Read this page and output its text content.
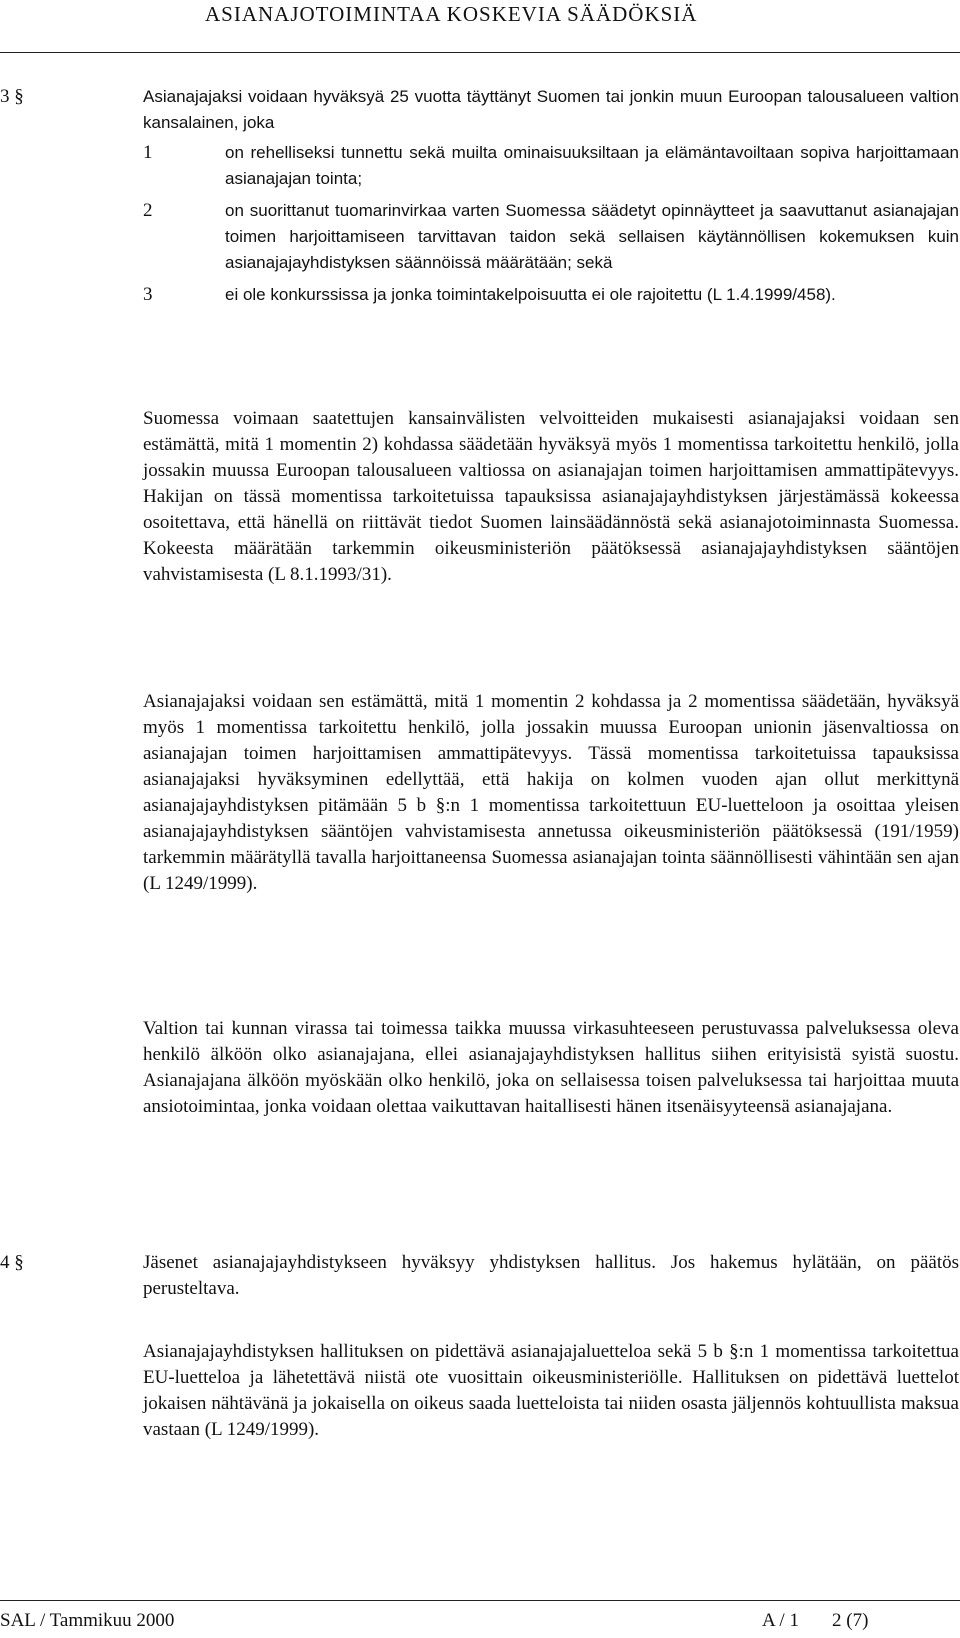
ASIANAJOTOIMINTAA KOSKEVIA SÄÄDÖKSIÄ
3 §	Asianajajaksi voidaan hyväksyä 25 vuotta täyttänyt Suomen tai jonkin muun Euroopan talousalueen valtion kansalainen, joka

1	on rehelliseksi tunnettu sekä muilta ominaisuuksiltaan ja elämäntavoiltaan sopiva harjoittamaan asianajajan tointa;
2	on suorittanut tuomarinvirkaa varten Suomessa säädetyt opinnäytteet ja saavuttanut asianajajan toimen harjoittamiseen tarvittavan taidon sekä sellaisen käytännöllisen kokemuksen kuin asianajajayhdistyksen säännöissä määrätään; sekä
3	ei ole konkurssissa ja jonka toimintakelpoisuutta ei ole rajoitettu (L 1.4.1999/458).

Suomessa voimaan saatettujen kansainvälisten velvoitteiden mukaisesti asianajajaksi voidaan sen estämättä, mitä 1 momentin 2) kohdassa säädetään hyväksyä myös 1 momentissa tarkoitettu henkilö, jolla jossakin muussa Euroopan talousalueen valtiossa on asianajajan toimen harjoittamisen ammattipätevyys. Hakijan on tässä momentissa tarkoitetuissa tapauksissa asianajajayhdistyksen järjestämässä kokeessa osoitettava, että hänellä on riittävät tiedot Suomen lainsäädännöstä sekä asianajotoiminnasta Suomessa. Kokeesta määrätään tarkemmin oikeusministeriön päätöksessä asianajajayhdistyksen sääntöjen vahvistamisesta (L 8.1.1993/31).

Asianajajaksi voidaan sen estämättä, mitä 1 momentin 2 kohdassa ja 2 momentissa säädetään, hyväksyä myös 1 momentissa tarkoitettu henkilö, jolla jossakin muussa Euroopan unionin jäsenvaltiossa on asianajajan toimen harjoittamisen ammattipätevyys. Tässä momentissa tarkoitetuissa tapauksissa asianajajaksi hyväksyminen edellyttää, että hakija on kolmen vuoden ajan ollut merkittynä asianajajayhdistyksen pitämään 5 b §:n 1 momentissa tarkoitettuun EU-luetteloon ja osoittaa yleisen asianajajayhdistyksen sääntöjen vahvistamisesta annetussa oikeusministeriön päätöksessä (191/1959) tarkemmin määrätyllä tavalla harjoittaneensa Suomessa asianajajan tointa säännöllisesti vähintään sen ajan (L 1249/1999).

Valtion tai kunnan virassa tai toimessa taikka muussa virkasuhteeseen perustuvassa palveluksessa oleva henkilö älköön olko asianajajana, ellei asianajajayhdistyksen hallitus siihen erityisistä syistä suostu. Asianajajana älköön myöskään olko henkilö, joka on sellaisessa toisen palveluksessa tai harjoittaa muuta ansiotoimintaa, jonka voidaan olettaa vaikuttavan haitallisesti hänen itsenäisyyteensä asianajajana.

4 §	Jäsenet asianajajayhdistykseen hyväksyy yhdistyksen hallitus. Jos hakemus hylätään, on päätös perusteltava.

Asianajajayhdistyksen hallituksen on pidettävä asianajajaluetteloa sekä 5 b §:n 1 momentissa tarkoitettua EU-luetteloa ja lähetettävä niistä ote vuosittain oikeusministeriölle. Hallituksen on pidettävä luettelot jokaisen nähtävänä ja jokaisella on oikeus saada luetteloista tai niiden osasta jäljennös kohtuullista maksua vastaan (L 1249/1999).

SAL / Tammikuu 2000	A / 1 2 (7)
